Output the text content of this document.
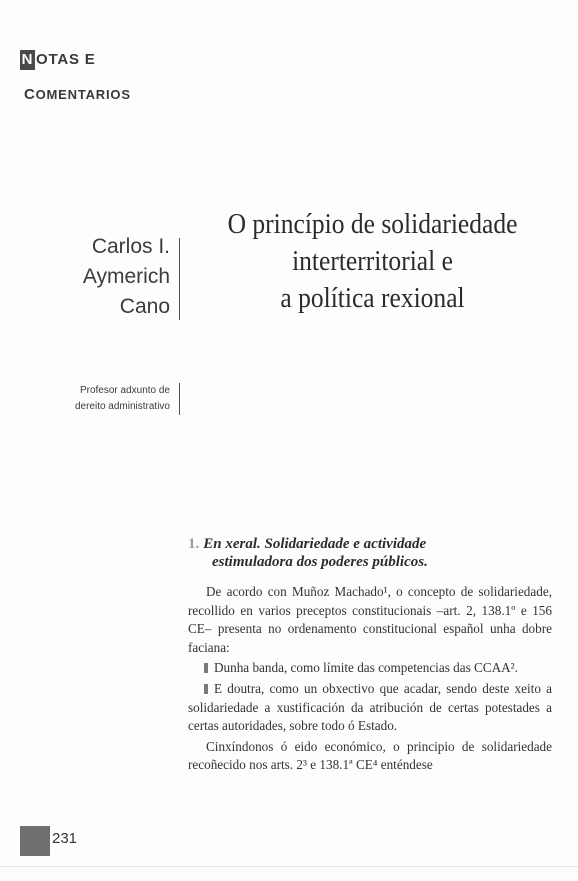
N OTAS E
COMENTARIOS
Carlos I.
Aymerich
Cano
O princípio de solidariedade
interterritorial e
a política rexional
Profesor adxunto de
dereito administrativo
1. En xeral. Solidariedade e actividade
estimuladora dos poderes públicos.

De acordo con Muñoz Machado¹, o concepto de solidariedade, recollido en varios preceptos constitucionais –art. 2, 138.1º e 156 CE– presenta no ordenamento constitucional español unha dobre faciana:

Dunha banda, como límite das competencias das CCAA².

E doutra, como un obxectivo que acadar, sendo deste xeito a solidariedade a xustificación da atribución de certas potestades a certas autoridades, sobre todo ó Estado.

Cinxíndonos ó eido económico, o principio de solidariedade recoñecido nos arts. 2³ e 138.1ª CE⁴ enténdese

231
